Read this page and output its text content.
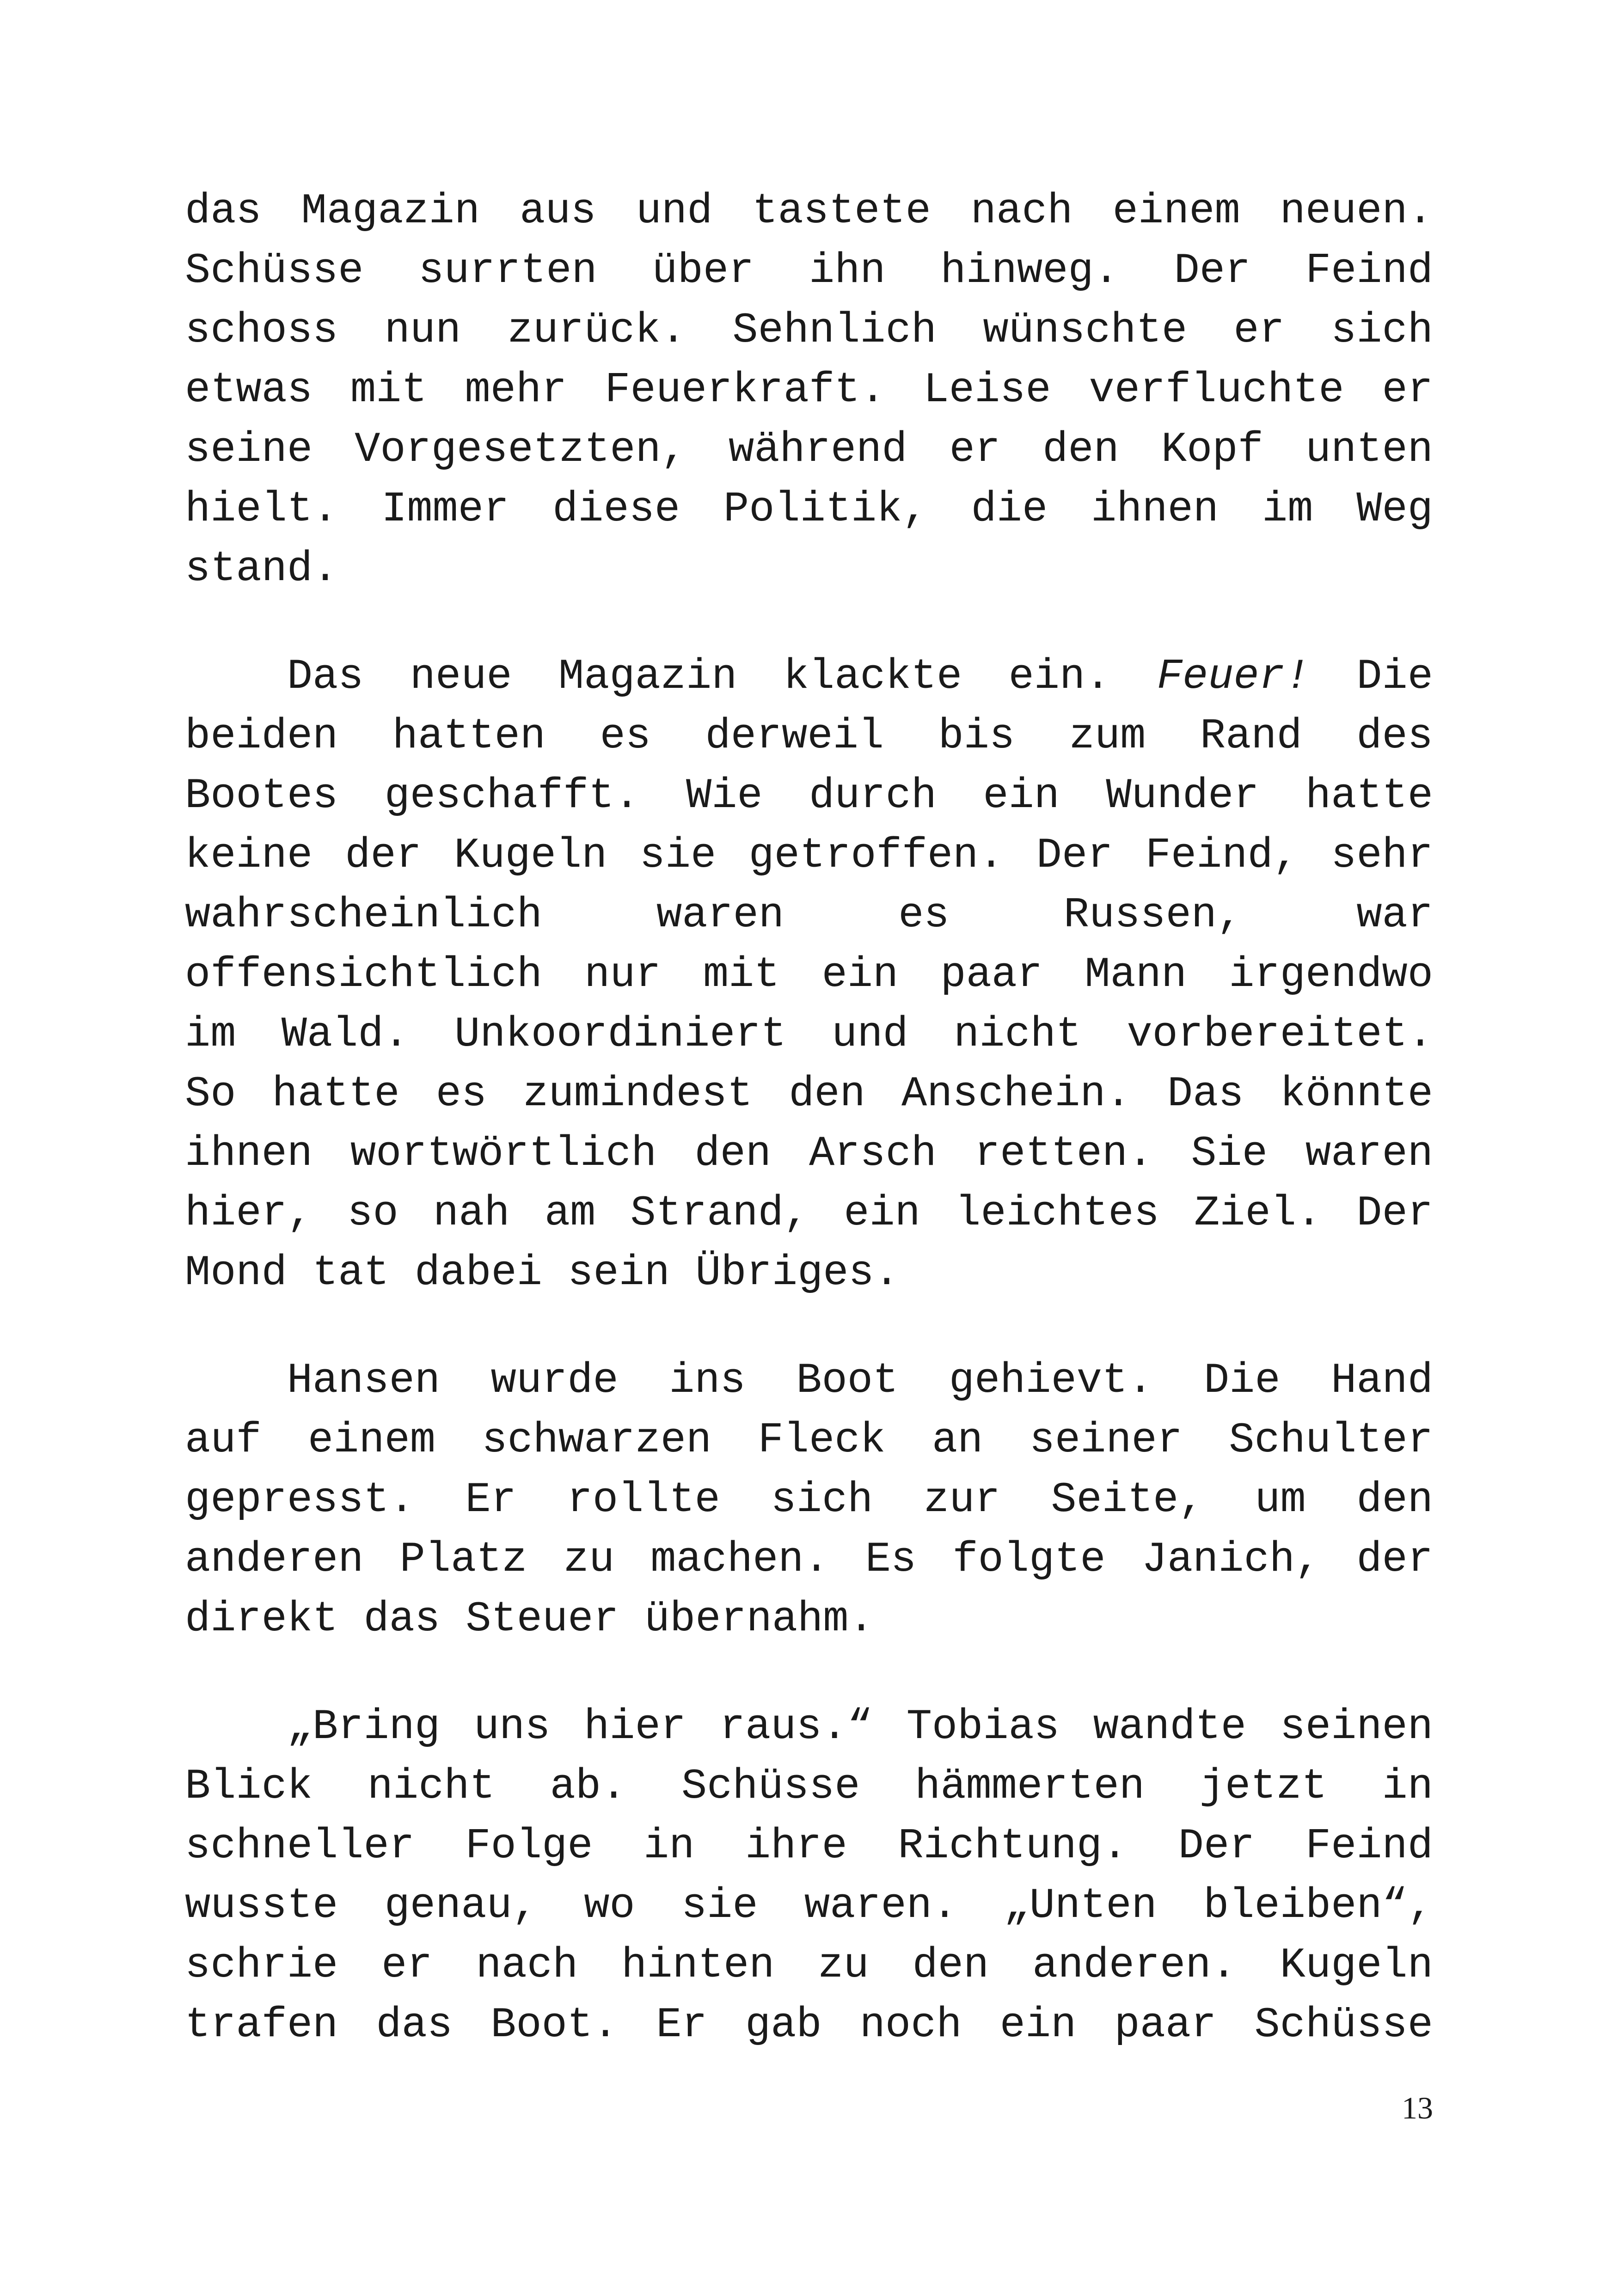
das Magazin aus und tastete nach einem neuen.
Schüsse surrten über ihn hinweg. Der Feind
schoss nun zurück. Sehnlich wünschte er sich
etwas mit mehr Feuerkraft. Leise verfluchte er
seine Vorgesetzten, während er den Kopf unten
hielt. Immer diese Politik, die ihnen im Weg
stand.
Das neue Magazin klackte ein. Feuer! Die
beiden hatten es derweil bis zum Rand des
Bootes geschafft. Wie durch ein Wunder hatte
keine der Kugeln sie getroffen. Der Feind, sehr
wahrscheinlich	waren	es	Russen,	war
offensichtlich nur mit ein paar Mann irgendwo
im Wald. Unkoordiniert und nicht vorbereitet.
So hatte es zumindest den Anschein. Das könnte
ihnen wortwörtlich den Arsch retten. Sie waren
hier, so nah am Strand, ein leichtes Ziel. Der
Mond tat dabei sein Übriges.
Hansen wurde ins Boot gehievt. Die Hand
auf einem schwarzen Fleck an seiner Schulter
gepresst. Er rollte sich zur Seite, um den
anderen Platz zu machen. Es folgte Janich, der
direkt das Steuer übernahm.
„Bring uns hier raus.“ Tobias wandte seinen
Blick nicht ab. Schüsse hämmerten jetzt in
schneller Folge in ihre Richtung. Der Feind
wusste genau, wo sie waren. „Unten bleiben“,
schrie er nach hinten zu den anderen. Kugeln
trafen das Boot. Er gab noch ein paar Schüsse
13
